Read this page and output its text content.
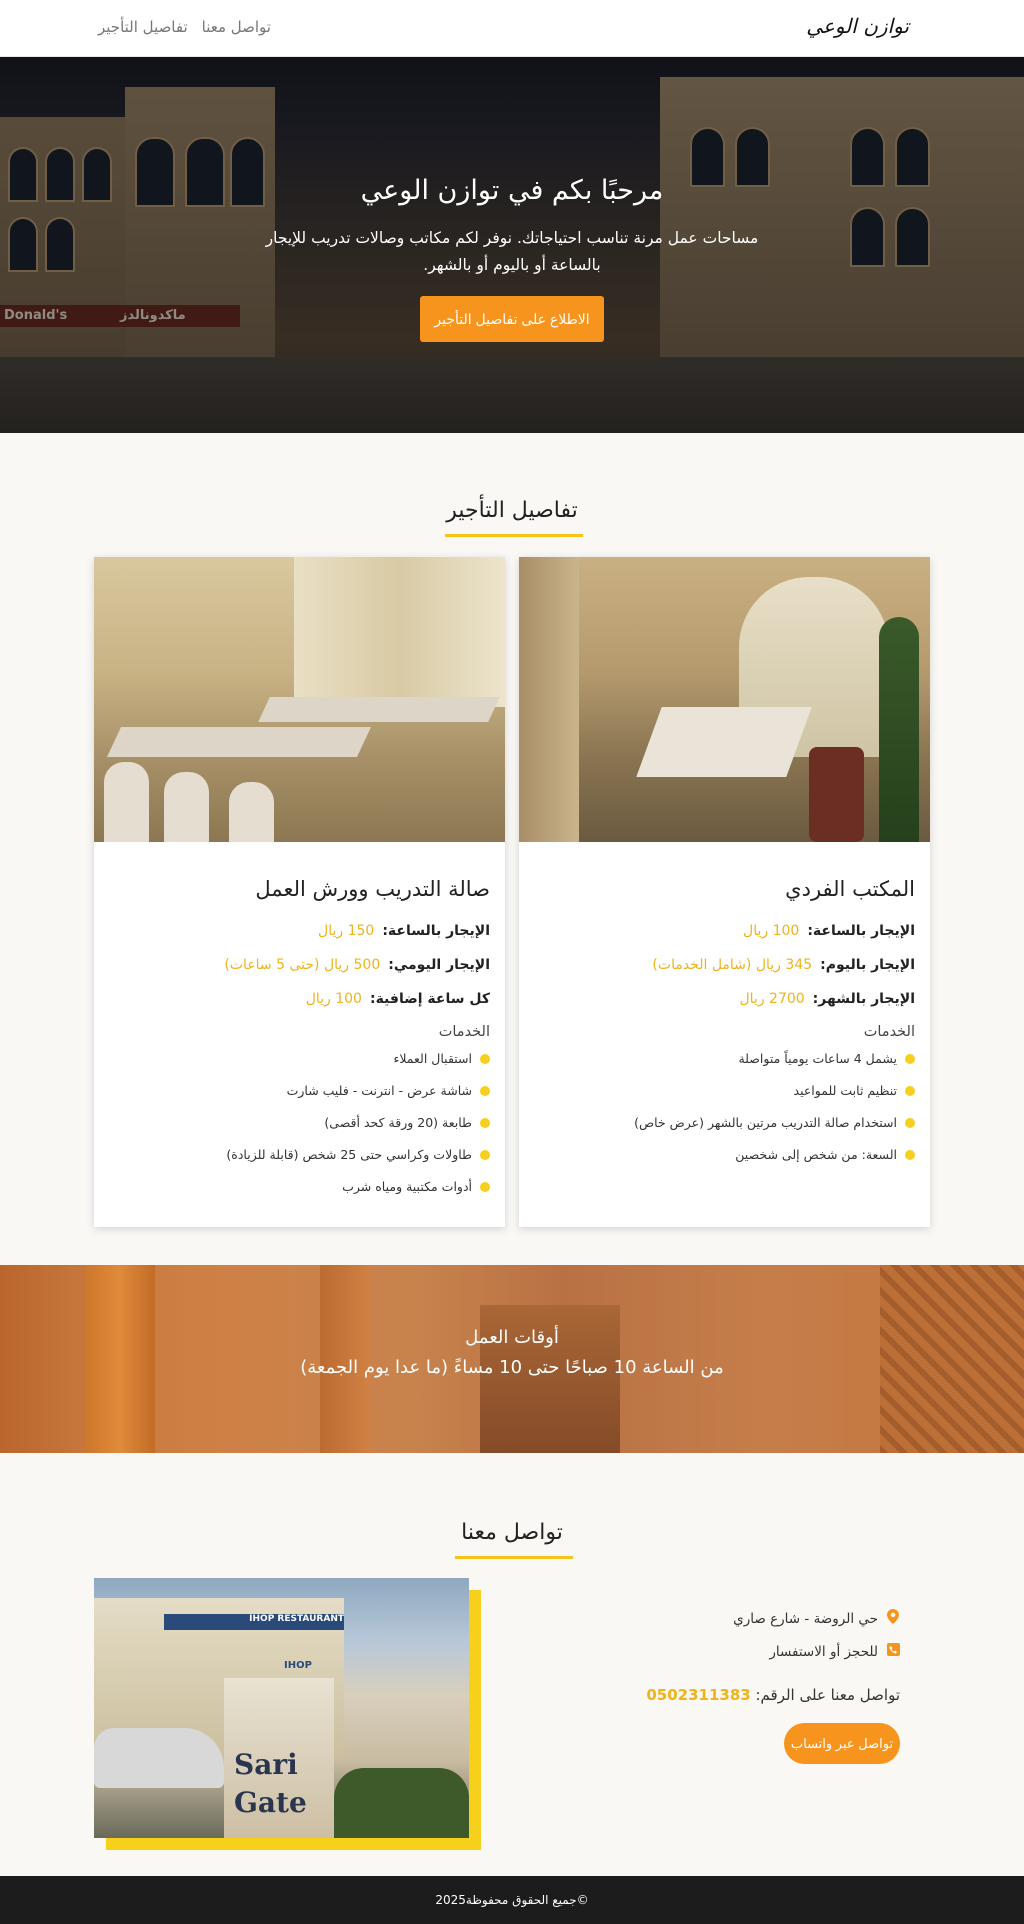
توازن الوعي
تفاصيل التأجير تواصل معنا
Donald's	ماكدونالدز
مرحبًا بكم في توازن الوعي
مساحات عمل مرنة تناسب احتياجاتك. نوفر لكم مكاتب وصالات تدريب للإيجار بالساعة أو باليوم أو بالشهر.
الاطلاع على تفاصيل التأجير
تفاصيل التأجير
المكتب الفردي
الإيجار بالساعة:
100 ريال
الإيجار باليوم:
345 ريال (شامل الخدمات)
الإيجار بالشهر:
2700 ريال
الخدمات
يشمل 4 ساعات يومياً متواصلة
تنظيم ثابت للمواعيد
استخدام صالة التدريب مرتين بالشهر (عرض خاص)
السعة: من شخص إلى شخصين
صالة التدريب وورش العمل
الإيجار بالساعة:
150 ريال
الإيجار اليومي:
500 ريال (حتى 5 ساعات)
كل ساعة إضافية:
100 ريال
الخدمات
استقبال العملاء
شاشة عرض - انترنت - فليب شارت
طابعة (20 ورقة كحد أقصى)
طاولات وكراسي حتى 25 شخص (قابلة للزيادة)
أدوات مكتبية ومياه شرب
أوقات العمل
من الساعة 10 صباحًا حتى 10 مساءً (ما عدا يوم الجمعة)
تواصل معنا
IHOP RESTAURANT
IHOP
Sari
Gate
حي الروضة - شارع صاري
للحجز أو الاستفسار
تواصل معنا على الرقم: 0502311383
تواصل عبر واتساب
©جميع الحقوق محفوظة2025
